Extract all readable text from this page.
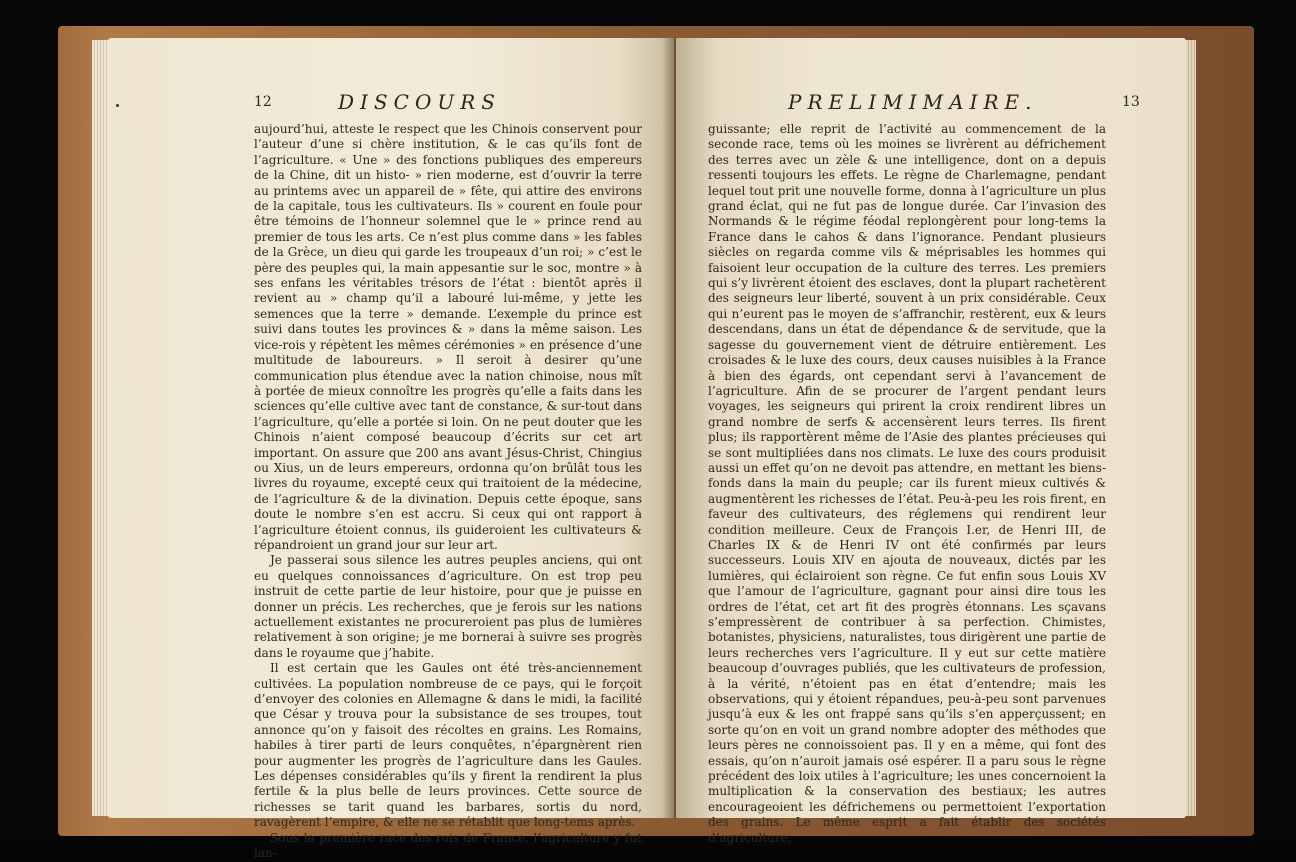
12	DISCOURS

aujourd’hui, atteste le respect que les Chinois conservent pour l’auteur d’une si chère institution, & le cas qu’ils font de l’agriculture. « Une » des fonctions publiques des empereurs de la Chine, dit un histo- » rien moderne, est d’ouvrir la terre au printems avec un appareil de » fête, qui attire des environs de la capitale, tous les cultivateurs. Ils » courent en foule pour être témoins de l’honneur solemnel que le » prince rend au premier de tous les arts. Ce n’est plus comme dans » les fables de la Grèce, un dieu qui garde les troupeaux d’un roi; » c’est le père des peuples qui, la main appesantie sur le soc, montre » à ses enfans les véritables trésors de l’état : bientôt après il revient au » champ qu’il a labouré lui-même, y jette les semences que la terre » demande. L’exemple du prince est suivi dans toutes les provinces & » dans la même saison. Les vice-rois y répètent les mêmes cérémonies » en présence d’une multitude de laboureurs. » Il seroit à desirer qu’une communication plus étendue avec la nation chinoise, nous mît à portée de mieux connoître les progrès qu’elle a faits dans les sciences qu’elle cultive avec tant de constance, & sur-tout dans l’agriculture, qu’elle a portée si loin. On ne peut douter que les Chinois n’aient composé beaucoup d’écrits sur cet art important. On assure que 200 ans avant Jésus-Christ, Chingius ou Xius, un de leurs empereurs, ordonna qu’on brûlât tous les livres du royaume, excepté ceux qui traitoient de la médecine, de l’agriculture & de la divination. Depuis cette époque, sans doute le nombre s’en est accru. Si ceux qui ont rapport à l’agriculture étoient connus, ils guideroient les cultivateurs & répandroient un grand jour sur leur art.

Je passerai sous silence les autres peuples anciens, qui ont eu quelques connoissances d’agriculture. On est trop peu instruit de cette partie de leur histoire, pour que je puisse en donner un précis. Les recherches, que je ferois sur les nations actuellement existantes ne procureroient pas plus de lumières relativement à son origine; je me bornerai à suivre ses progrès dans le royaume que j’habite.

Il est certain que les Gaules ont été très-anciennement cultivées. La population nombreuse de ce pays, qui le forçoit d’envoyer des colonies en Allemagne & dans le midi, la facilité que César y trouva pour la subsistance de ses troupes, tout annonce qu’on y faisoit des récoltes en grains. Les Romains, habiles à tirer parti de leurs conquêtes, n’épargnèrent rien pour augmenter les progrès de l’agriculture dans les Gaules. Les dépenses considérables qu’ils y firent la rendirent la plus fertile & la plus belle de leurs provinces. Cette source de richesses se tarit quand les barbares, sortis du nord, ravagèrent l’empire, & elle ne se rétablit que long-tems après.

Sous la première race des rois de France, l’agriculture y fut lan-

PRELIMIMAIRE.	13

guissante; elle reprit de l’activité au commencement de la seconde race, tems où les moines se livrèrent au défrichement des terres avec un zèle & une intelligence, dont on a depuis ressenti toujours les effets. Le règne de Charlemagne, pendant lequel tout prit une nouvelle forme, donna à l’agriculture un plus grand éclat, qui ne fut pas de longue durée. Car l’invasion des Normands & le régime féodal replongèrent pour long-tems la France dans le cahos & dans l’ignorance. Pendant plusieurs siècles on regarda comme vils & méprisables les hommes qui faisoient leur occupation de la culture des terres. Les premiers qui s’y livrèrent étoient des esclaves, dont la plupart rachetèrent des seigneurs leur liberté, souvent à un prix considérable. Ceux qui n’eurent pas le moyen de s’affranchir, restèrent, eux & leurs descendans, dans un état de dépendance & de servitude, que la sagesse du gouvernement vient de détruire entièrement. Les croisades & le luxe des cours, deux causes nuisibles à la France à bien des égards, ont cependant servi à l’avancement de l’agriculture. Afin de se procurer de l’argent pendant leurs voyages, les seigneurs qui prirent la croix rendirent libres un grand nombre de serfs & accensèrent leurs terres. Ils firent plus; ils rapportèrent même de l’Asie des plantes précieuses qui se sont multipliées dans nos climats. Le luxe des cours produisit aussi un effet qu’on ne devoit pas attendre, en mettant les biens-fonds dans la main du peuple; car ils furent mieux cultivés & augmentèrent les richesses de l’état. Peu-à-peu les rois firent, en faveur des cultivateurs, des réglemens qui rendirent leur condition meilleure. Ceux de François I.er, de Henri III, de Charles IX & de Henri IV ont été confirmés par leurs successeurs. Louis XIV en ajouta de nouveaux, dictés par les lumières, qui éclairoient son règne. Ce fut enfin sous Louis XV que l’amour de l’agriculture, gagnant pour ainsi dire tous les ordres de l’état, cet art fit des progrès étonnans. Les sçavans s’empressèrent de contribuer à sa perfection. Chimistes, botanistes, physiciens, naturalistes, tous dirigèrent une partie de leurs recherches vers l’agriculture. Il y eut sur cette matière beaucoup d’ouvrages publiés, que les cultivateurs de profession, à la vérité, n’étoient pas en état d’entendre; mais les observations, qui y étoient répandues, peu-à-peu sont parvenues jusqu’à eux & les ont frappé sans qu’ils s’en apperçussent; en sorte qu’on en voit un grand nombre adopter des méthodes que leurs pères ne connoissoient pas. Il y en a même, qui font des essais, qu’on n’auroit jamais osé espérer. Il a paru sous le règne précédent des loix utiles à l’agriculture; les unes concernoient la multiplication & la conservation des bestiaux; les autres encourageoient les défrichemens ou permettoient l’exportation des grains. Le même esprit a fait établir des sociétés d’agriculture,
